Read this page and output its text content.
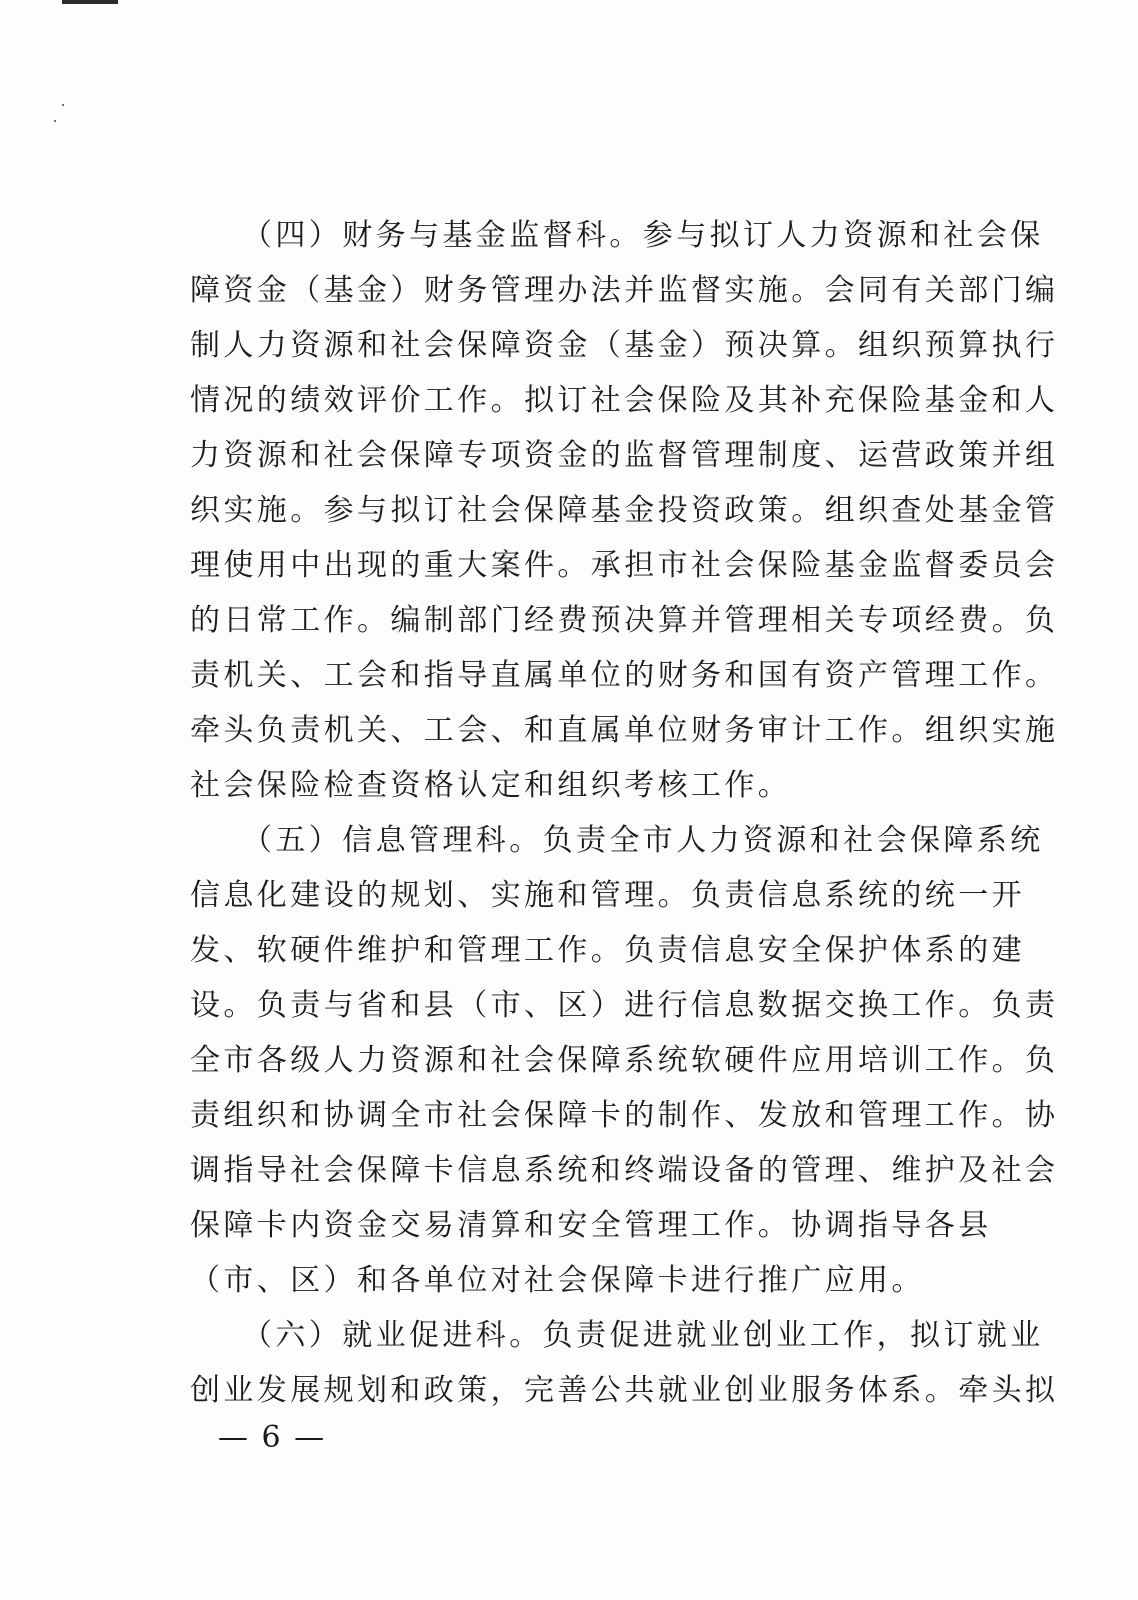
（四）财务与基金监督科。参与拟订人力资源和社会保
障资金（基金）财务管理办法并监督实施。会同有关部门编
制人力资源和社会保障资金（基金）预决算。组织预算执行
情况的绩效评价工作。拟订社会保险及其补充保险基金和人
力资源和社会保障专项资金的监督管理制度、运营政策并组
织实施。参与拟订社会保障基金投资政策。组织查处基金管
理使用中出现的重大案件。承担市社会保险基金监督委员会
的日常工作。编制部门经费预决算并管理相关专项经费。负
责机关、工会和指导直属单位的财务和国有资产管理工作。
牵头负责机关、工会、和直属单位财务审计工作。组织实施
社会保险检查资格认定和组织考核工作。

（五）信息管理科。负责全市人力资源和社会保障系统
信息化建设的规划、实施和管理。负责信息系统的统一开
发、软硬件维护和管理工作。负责信息安全保护体系的建
设。负责与省和县（市、区）进行信息数据交换工作。负责
全市各级人力资源和社会保障系统软硬件应用培训工作。负
责组织和协调全市社会保障卡的制作、发放和管理工作。协
调指导社会保障卡信息系统和终端设备的管理、维护及社会
保障卡内资金交易清算和安全管理工作。协调指导各县
（市、区）和各单位对社会保障卡进行推广应用。

（六）就业促进科。负责促进就业创业工作，拟订就业
创业发展规划和政策，完善公共就业创业服务体系。牵头拟

— 6 —
